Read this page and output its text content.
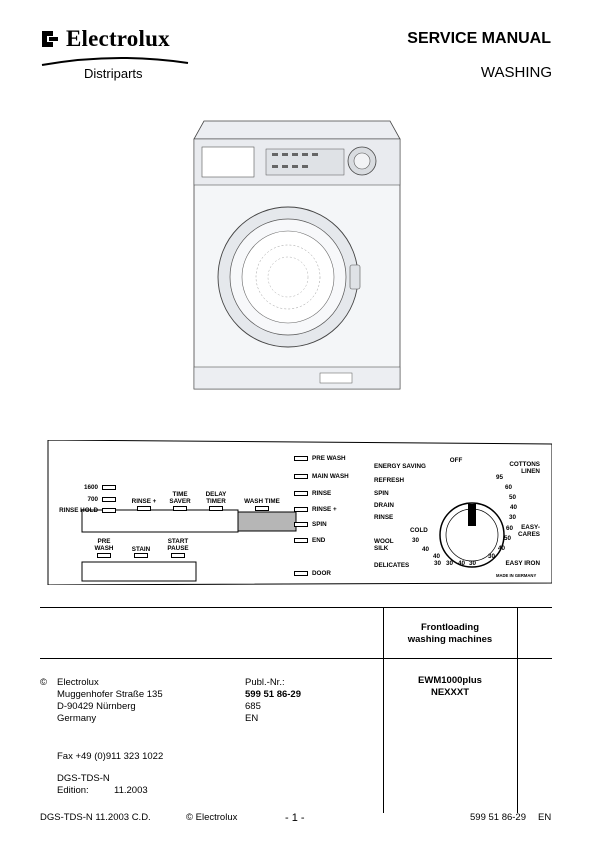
Electrolux
Distriparts
SERVICE MANUAL
WASHING
1600
700
RINSE HOLD
RINSE +
TIME
SAVER
DELAY
TIMER	WASH TIME
PRE
WASH	STAIN
START
PAUSE
PRE WASH
MAIN WASH
RINSE
RINSE +
SPIN
END
DOOR
ENERGY SAVING
REFRESH
SPIN
DRAIN
RINSE
WOOL
SILK
DELICATES
COTTONS
LINEN
EASY-
CARES
EASY IRON
OFF
COLD
95
60
50
40
30
60
50
40
30
30
40
40
30 30 40 30
MADE IN GERMANY
Frontloading
washing machines
EWM1000plus
NEXXXT
© Electrolux
Muggenhofer Straße 135
D-90429 Nürnberg
Germany
Publ.-Nr.:
599 51 86-29
685
EN
Fax +49 (0)911 323 1022
DGS-TDS-N
Edition:	11.2003
DGS-TDS-N 11.2003 C.D.	© Electrolux	- 1 -	599 51 86-29 EN
